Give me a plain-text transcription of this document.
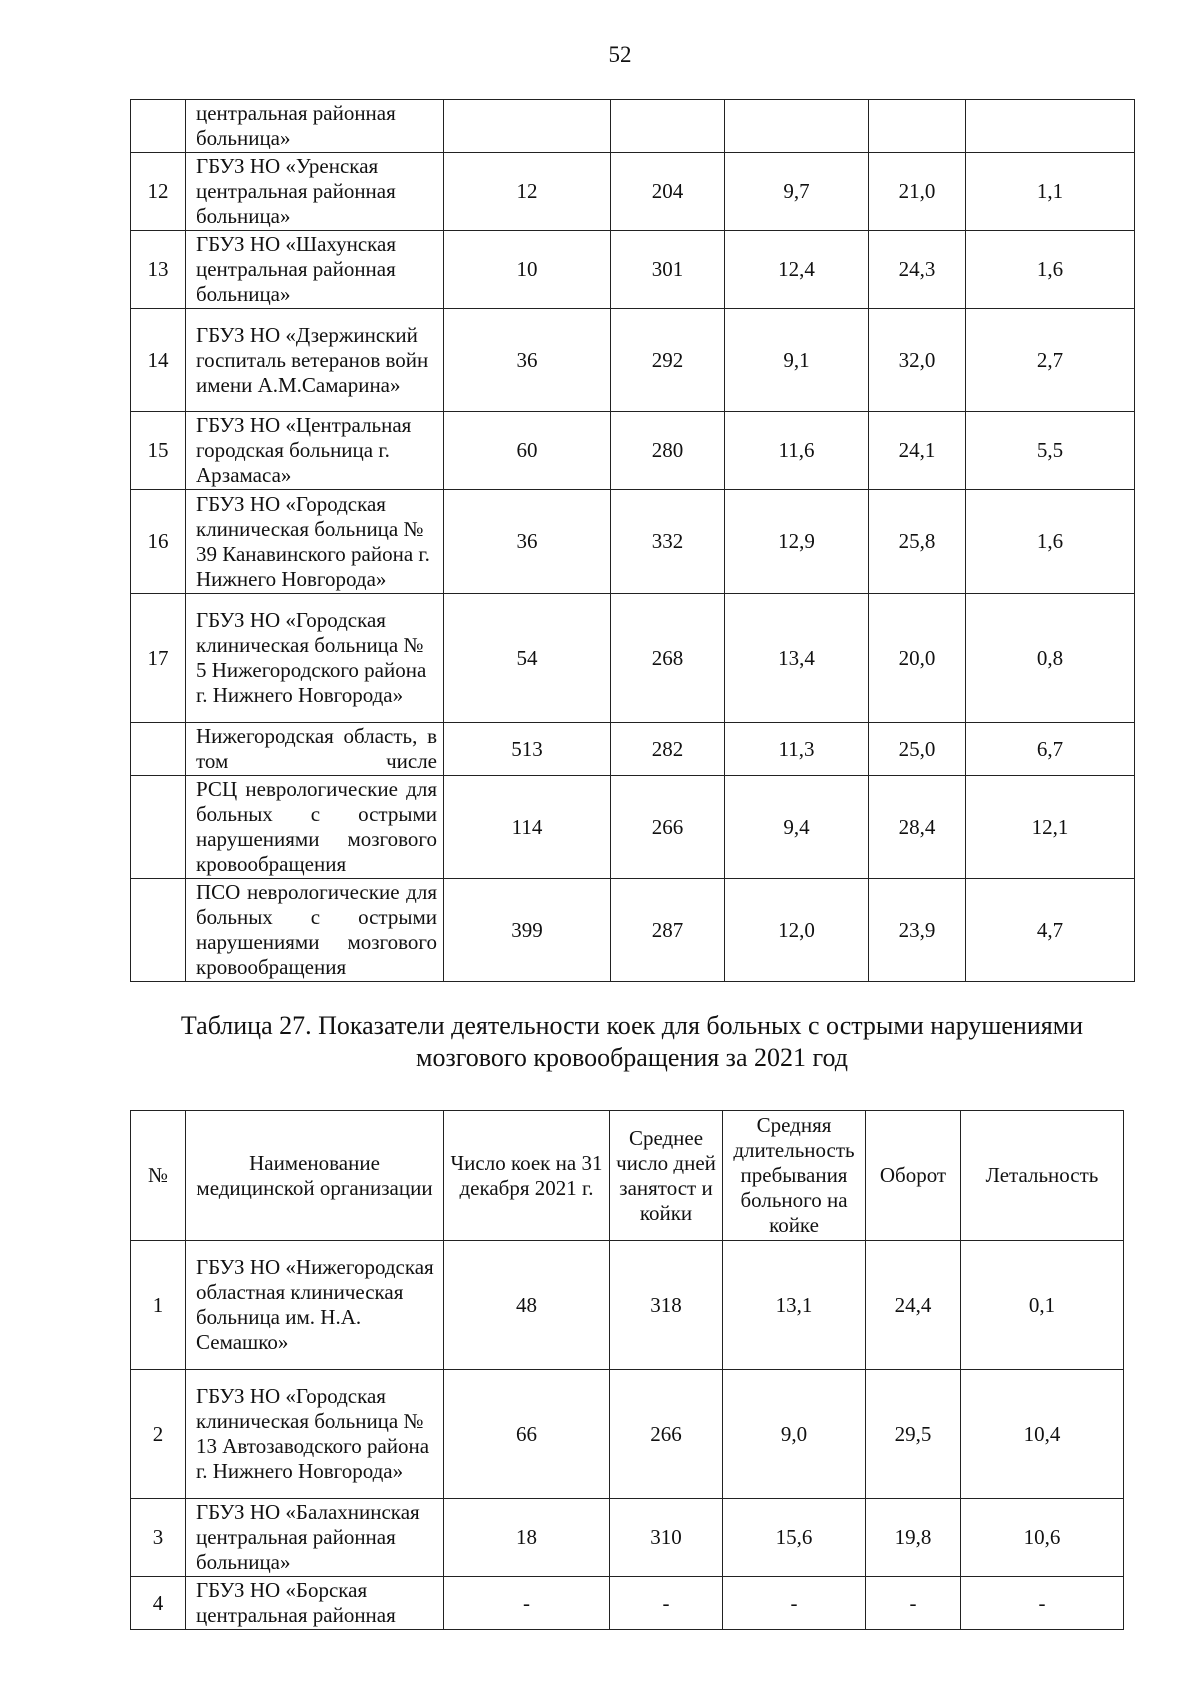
52
	центральная районная больница»					
12	ГБУЗ НО «Уренская центральная районная больница»	12	204	9,7	21,0	1,1
13	ГБУЗ НО «Шахунская центральная районная больница»	10	301	12,4	24,3	1,6
14	ГБУЗ НО «Дзержинский госпиталь ветеранов войн имени А.М.Самарина»	36	292	9,1	32,0	2,7
15	ГБУЗ НО «Центральная городская больница г. Арзамаса»	60	280	11,6	24,1	5,5
16	ГБУЗ НО «Городская клиническая больница № 39 Канавинского района г. Нижнего Новгорода»	36	332	12,9	25,8	1,6
17	ГБУЗ НО «Городская клиническая больница № 5 Нижегородского района г. Нижнего Новгорода»	54	268	13,4	20,0	0,8
	Нижегородская область, в том числе	513	282	11,3	25,0	6,7
	РСЦ неврологические для больных с острыми нарушениями мозгового кровообращения	114	266	9,4	28,4	12,1
	ПСО неврологические для больных с острыми нарушениями мозгового кровообращения	399	287	12,0	23,9	4,7
Таблица 27. Показатели деятельности коек для больных с острыми нарушениями мозгового кровообращения за 2021 год
№	Наименование медицинской организации	Число коек на 31 декабря 2021 г.	Среднее число дней занятост и койки	Средняя длительность пребывания больного на койке	Оборот	Летальность
1	ГБУЗ НО «Нижегородская областная клиническая больница им. Н.А. Семашко»	48	318	13,1	24,4	0,1
2	ГБУЗ НО «Городская клиническая больница № 13 Автозаводского района г. Нижнего Новгорода»	66	266	9,0	29,5	10,4
3	ГБУЗ НО «Балахнинская центральная районная больница»	18	310	15,6	19,8	10,6
4	ГБУЗ НО «Борская центральная районная	-	-	-	-	-
